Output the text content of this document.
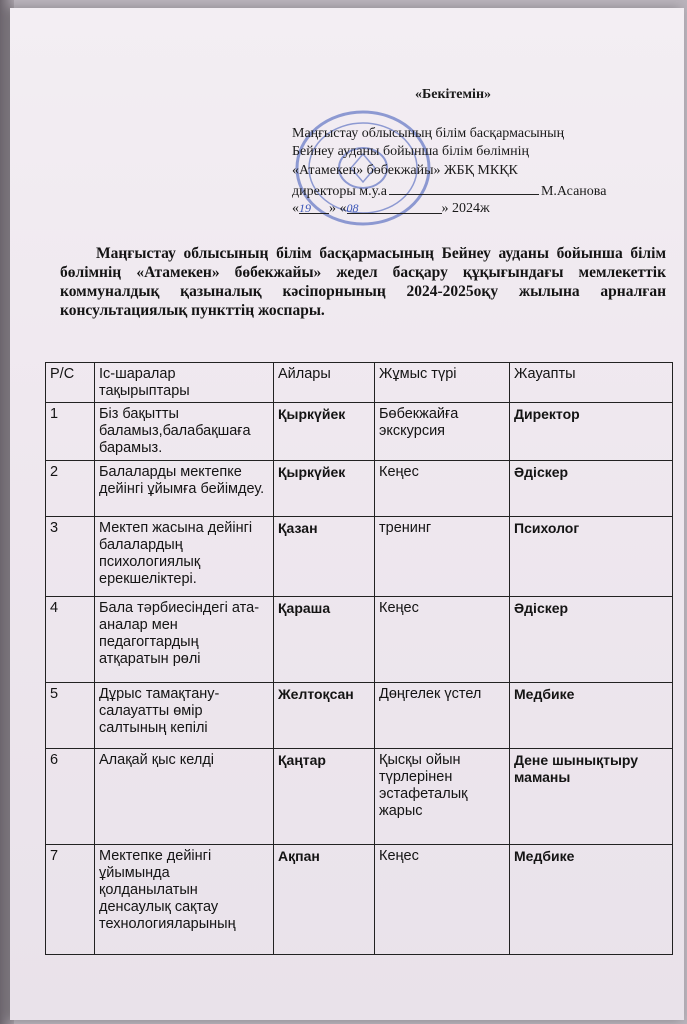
«Бекітемін»
Маңғыстау облысының білім басқармасының
Бейнеу ауданы бойынша білім бөлімнің
«Атамекен» бөбекжайы» ЖБҚ МКҚК
директоры м.у.а	М.Асанова
«19 » «08	» 2024ж
Маңғыстау облысының білім басқармасының Бейнеу ауданы бойынша білім бөлімнің «Атамекен» бөбекжайы» жедел басқару құқығындағы мемлекеттік коммуналдық қазыналық кәсіпорнының 2024-2025оқу жылына арналған консультациялық пункттің жоспары.
Р/С	Іс-шаралар тақырыптары	Айлары	Жұмыс түрі	Жауапты
1	Біз бақытты баламыз,балабақшаға барамыз.	Қыркүйек	Бөбекжайға экскурсия	Директор
2	Балаларды мектепке дейінгі ұйымға бейімдеу.	Қыркүйек	Кеңес	Әдіскер
3	Мектеп жасына дейінгі балалардың психологиялық ерекшеліктері.	Қазан	тренинг	Психолог
4	Бала тәрбиесіндегі ата-аналар мен педагогтардың атқаратын рөлі	Қараша	Кеңес	Әдіскер
5	Дұрыс тамақтану-салауатты өмір салтының кепілі	Желтоқсан	Дөңгелек үстел	Медбике
6	Алақай қыс келді	Қаңтар	Қысқы ойын түрлерінен эстафеталық жарыс	Дене шынықтыру маманы
7	Мектепке дейінгі ұйымында қолданылатын денсаулық сақтау технологияларының	Ақпан	Кеңес	Медбике
